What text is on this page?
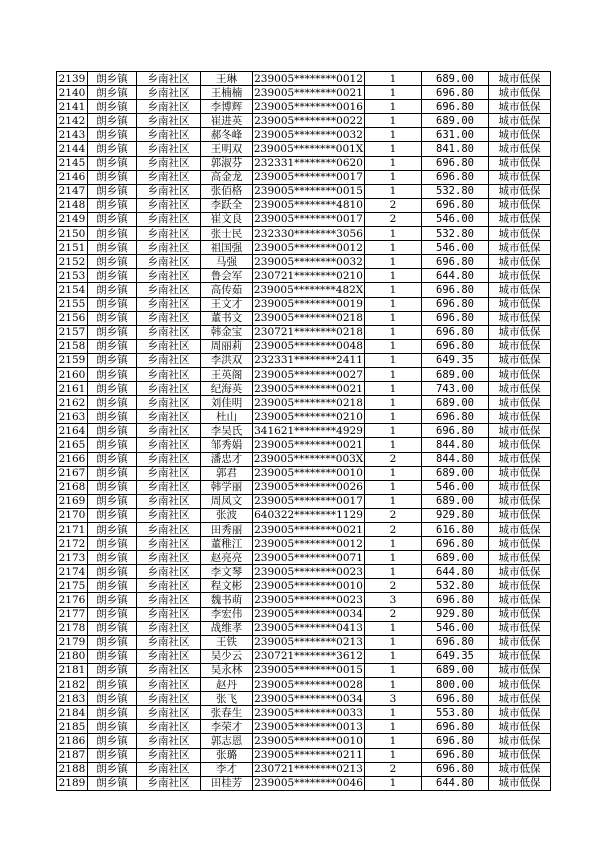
2139	朗乡镇	乡南社区	王琳	239005********0012	1	689.00	城市低保
2140	朗乡镇	乡南社区	王楠楠	239005********0021	1	696.80	城市低保
2141	朗乡镇	乡南社区	李博辉	239005********0016	1	696.80	城市低保
2142	朗乡镇	乡南社区	崔进英	239005********0022	1	689.00	城市低保
2143	朗乡镇	乡南社区	郝冬峰	239005********0032	1	631.00	城市低保
2144	朗乡镇	乡南社区	王明双	239005********001X	1	841.80	城市低保
2145	朗乡镇	乡南社区	郭淑芬	232331********0620	1	696.80	城市低保
2146	朗乡镇	乡南社区	高金龙	239005********0017	1	696.80	城市低保
2147	朗乡镇	乡南社区	张佰格	239005********0015	1	532.80	城市低保
2148	朗乡镇	乡南社区	李跃全	239005********4810	2	696.80	城市低保
2149	朗乡镇	乡南社区	崔文良	239005********0017	2	546.00	城市低保
2150	朗乡镇	乡南社区	张士民	232330********3056	1	532.80	城市低保
2151	朗乡镇	乡南社区	祖国强	239005********0012	1	546.00	城市低保
2152	朗乡镇	乡南社区	马强	239005********0032	1	696.80	城市低保
2153	朗乡镇	乡南社区	鲁会军	230721********0210	1	644.80	城市低保
2154	朗乡镇	乡南社区	高传茹	239005********482X	1	696.80	城市低保
2155	朗乡镇	乡南社区	王文才	239005********0019	1	696.80	城市低保
2156	朗乡镇	乡南社区	董书文	239005********0218	1	696.80	城市低保
2157	朗乡镇	乡南社区	韩金宝	230721********0218	1	696.80	城市低保
2158	朗乡镇	乡南社区	周丽莉	239005********0048	1	696.80	城市低保
2159	朗乡镇	乡南社区	李洪双	232331********2411	1	649.35	城市低保
2160	朗乡镇	乡南社区	王英阁	239005********0027	1	689.00	城市低保
2161	朗乡镇	乡南社区	纪海英	239005********0021	1	743.00	城市低保
2162	朗乡镇	乡南社区	刘佳明	239005********0218	1	689.00	城市低保
2163	朗乡镇	乡南社区	杜山	239005********0210	1	696.80	城市低保
2164	朗乡镇	乡南社区	李吴氏	341621********4929	1	696.80	城市低保
2165	朗乡镇	乡南社区	邹秀娟	239005********0021	1	844.80	城市低保
2166	朗乡镇	乡南社区	潘忠才	239005********003X	2	844.80	城市低保
2167	朗乡镇	乡南社区	郭君	239005********0010	1	689.00	城市低保
2168	朗乡镇	乡南社区	韩学丽	239005********0026	1	546.00	城市低保
2169	朗乡镇	乡南社区	周凤文	239005********0017	1	689.00	城市低保
2170	朗乡镇	乡南社区	张波	640322********1129	2	929.80	城市低保
2171	朗乡镇	乡南社区	田秀丽	239005********0021	2	616.80	城市低保
2172	朗乡镇	乡南社区	董稚江	239005********0012	1	696.80	城市低保
2173	朗乡镇	乡南社区	赵亮亮	239005********0071	1	689.00	城市低保
2174	朗乡镇	乡南社区	李文琴	239005********0023	1	644.80	城市低保
2175	朗乡镇	乡南社区	程文彬	239005********0010	2	532.80	城市低保
2176	朗乡镇	乡南社区	魏书萌	239005********0023	3	696.80	城市低保
2177	朗乡镇	乡南社区	李宏伟	239005********0034	2	929.80	城市低保
2178	朗乡镇	乡南社区	战维孝	239005********0413	1	546.00	城市低保
2179	朗乡镇	乡南社区	王铁	239005********0213	1	696.80	城市低保
2180	朗乡镇	乡南社区	吴少云	230721********3612	1	649.35	城市低保
2181	朗乡镇	乡南社区	吴永林	239005********0015	1	689.00	城市低保
2182	朗乡镇	乡南社区	赵丹	239005********0028	1	800.00	城市低保
2183	朗乡镇	乡南社区	张飞	239005********0034	3	696.80	城市低保
2184	朗乡镇	乡南社区	张春生	239005********0033	1	553.80	城市低保
2185	朗乡镇	乡南社区	李荣才	239005********0013	1	696.80	城市低保
2186	朗乡镇	乡南社区	郭志恩	239005********0010	1	696.80	城市低保
2187	朗乡镇	乡南社区	张璐	239005********0211	1	696.80	城市低保
2188	朗乡镇	乡南社区	李才	230721********0213	2	696.80	城市低保
2189	朗乡镇	乡南社区	田桂芳	239005********0046	1	644.80	城市低保
